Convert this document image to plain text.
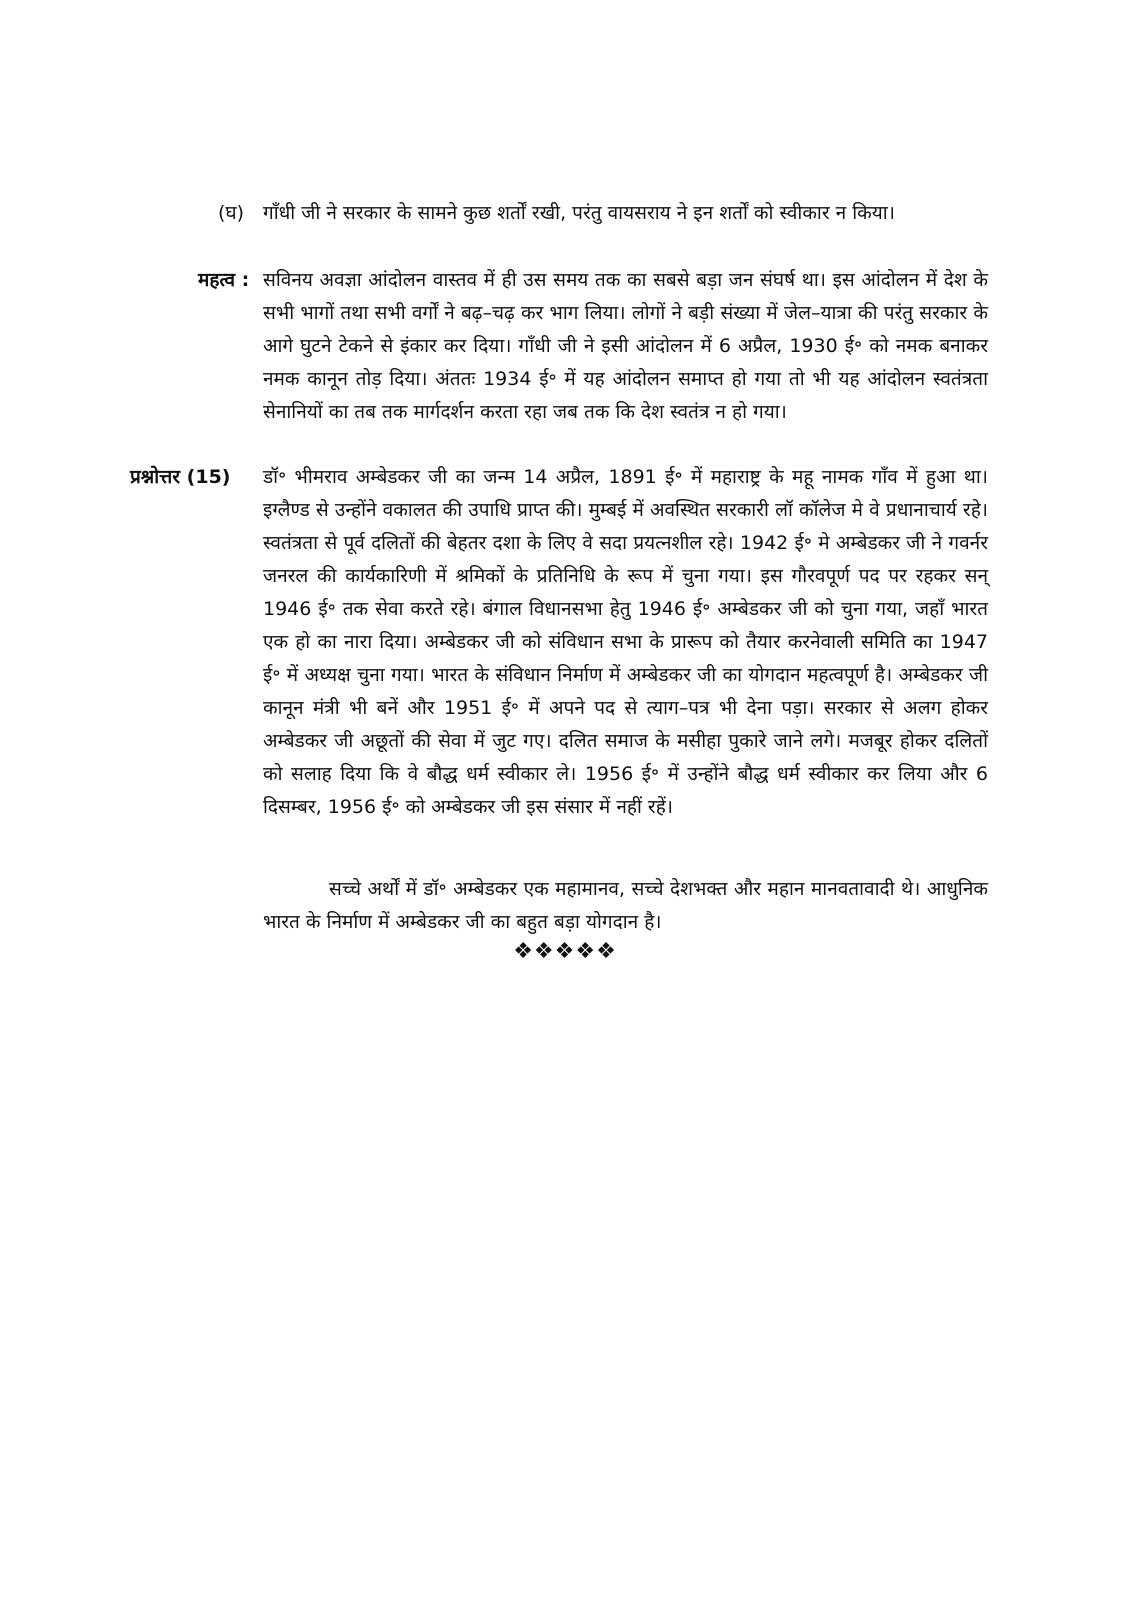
(घ) गाँधी जी ने सरकार के सामने कुछ शर्तों रखी, परंतु वायसराय ने इन शर्तों को स्वीकार न किया।
महत्व : सविनय अवज्ञा आंदोलन वास्तव में ही उस समय तक का सबसे बड़ा जन संघर्ष था। इस आंदोलन में देश के सभी भागों तथा सभी वर्गों ने बढ़–चढ़ कर भाग लिया। लोगों ने बड़ी संख्या में जेल–यात्रा की परंतु सरकार के आगे घुटने टेकने से इंकार कर दिया। गाँधी जी ने इसी आंदोलन में 6 अप्रैल, 1930 ई॰ को नमक बनाकर नमक कानून तोड़ दिया। अंततः 1934 ई॰ में यह आंदोलन समाप्त हो गया तो भी यह आंदोलन स्वतंत्रता सेनानियों का तब तक मार्गदर्शन करता रहा जब तक कि देश स्वतंत्र न हो गया।
प्रश्नोत्तर (15) डॉ॰ भीमराव अम्बेडकर जी का जन्म 14 अप्रैल, 1891 ई॰ में महाराष्ट्र के महू नामक गाँव में हुआ था। इग्लैण्ड से उन्होंने वकालत की उपाधि प्राप्त की। मुम्बई में अवस्थित सरकारी लॉ कॉलेज मे वे प्रधानाचार्य रहे। स्वतंत्रता से पूर्व दलितों की बेहतर दशा के लिए वे सदा प्रयत्नशील रहे। 1942 ई॰ मे अम्बेडकर जी ने गवर्नर जनरल की कार्यकारिणी में श्रमिकों के प्रतिनिधि के रूप में चुना गया। इस गौरवपूर्ण पद पर रहकर सन् 1946 ई॰ तक सेवा करते रहे। बंगाल विधानसभा हेतु 1946 ई॰ अम्बेडकर जी को चुना गया, जहाँ भारत एक हो का नारा दिया। अम्बेडकर जी को संविधान सभा के प्रारूप को तैयार करनेवाली समिति का 1947 ई॰ में अध्यक्ष चुना गया। भारत के संविधान निर्माण में अम्बेडकर जी का योगदान महत्वपूर्ण है। अम्बेडकर जी कानून मंत्री भी बनें और 1951 ई॰ में अपने पद से त्याग–पत्र भी देना पड़ा। सरकार से अलग होकर अम्बेडकर जी अछूतों की सेवा में जुट गए। दलित समाज के मसीहा पुकारे जाने लगे। मजबूर होकर दलितों को सलाह दिया कि वे बौद्ध धर्म स्वीकार ले। 1956 ई॰ में उन्होंने बौद्ध धर्म स्वीकार कर लिया और 6 दिसम्बर, 1956 ई॰ को अम्बेडकर जी इस संसार में नहीं रहें।
सच्चे अर्थों में डॉ॰ अम्बेडकर एक महामानव, सच्चे देशभक्त और महान मानवतावादी थे। आधुनिक भारत के निर्माण में अम्बेडकर जी का बहुत बड़ा योगदान है।
❖❖❖❖❖
